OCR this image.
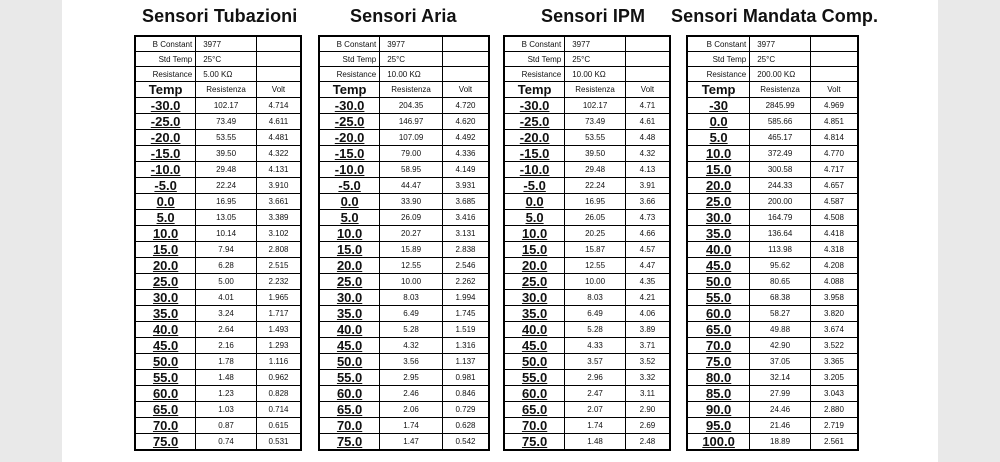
Sensori Tubazioni
B Constant	3977	
Std Temp	25°C	
Resistance	5.00 KΩ	
Temp	Resistenza	Volt
-30.0	102.17	4.714
-25.0	73.49	4.611
-20.0	53.55	4.481
-15.0	39.50	4.322
-10.0	29.48	4.131
-5.0	22.24	3.910
0.0	16.95	3.661
5.0	13.05	3.389
10.0	10.14	3.102
15.0	7.94	2.808
20.0	6.28	2.515
25.0	5.00	2.232
30.0	4.01	1.965
35.0	3.24	1.717
40.0	2.64	1.493
45.0	2.16	1.293
50.0	1.78	1.116
55.0	1.48	0.962
60.0	1.23	0.828
65.0	1.03	0.714
70.0	0.87	0.615
75.0	0.74	0.531
Sensori Aria
B Constant	3977	
Std Temp	25°C	
Resistance	10.00 KΩ	
Temp	Resistenza	Volt
-30.0	204.35	4.720
-25.0	146.97	4.620
-20.0	107.09	4.492
-15.0	79.00	4.336
-10.0	58.95	4.149
-5.0	44.47	3.931
0.0	33.90	3.685
5.0	26.09	3.416
10.0	20.27	3.131
15.0	15.89	2.838
20.0	12.55	2.546
25.0	10.00	2.262
30.0	8.03	1.994
35.0	6.49	1.745
40.0	5.28	1.519
45.0	4.32	1.316
50.0	3.56	1.137
55.0	2.95	0.981
60.0	2.46	0.846
65.0	2.06	0.729
70.0	1.74	0.628
75.0	1.47	0.542
Sensori IPM
B Constant	3977	
Std Temp	25°C	
Resistance	10.00 KΩ	
Temp	Resistenza	Volt
-30.0	102.17	4.71
-25.0	73.49	4.61
-20.0	53.55	4.48
-15.0	39.50	4.32
-10.0	29.48	4.13
-5.0	22.24	3.91
0.0	16.95	3.66
5.0	26.05	4.73
10.0	20.25	4.66
15.0	15.87	4.57
20.0	12.55	4.47
25.0	10.00	4.35
30.0	8.03	4.21
35.0	6.49	4.06
40.0	5.28	3.89
45.0	4.33	3.71
50.0	3.57	3.52
55.0	2.96	3.32
60.0	2.47	3.11
65.0	2.07	2.90
70.0	1.74	2.69
75.0	1.48	2.48
Sensori Mandata Comp.
B Constant	3977	
Std Temp	25°C	
Resistance	200.00 KΩ	
Temp	Resistenza	Volt
-30	2845.99	4.969
0.0	585.66	4.851
5.0	465.17	4.814
10.0	372.49	4.770
15.0	300.58	4.717
20.0	244.33	4.657
25.0	200.00	4.587
30.0	164.79	4.508
35.0	136.64	4.418
40.0	113.98	4.318
45.0	95.62	4.208
50.0	80.65	4.088
55.0	68.38	3.958
60.0	58.27	3.820
65.0	49.88	3.674
70.0	42.90	3.522
75.0	37.05	3.365
80.0	32.14	3.205
85.0	27.99	3.043
90.0	24.46	2.880
95.0	21.46	2.719
100.0	18.89	2.561
